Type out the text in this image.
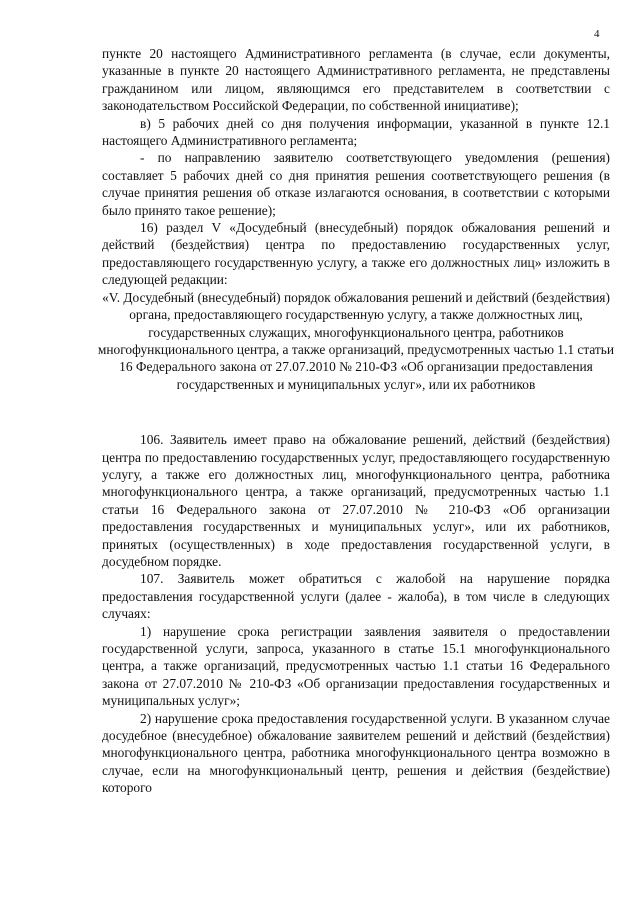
4

пункте 20 настоящего Административного регламента (в случае, если документы, указанные в пункте 20 настоящего Административного регламента, не представлены гражданином или лицом, являющимся его представителем в соответствии с законодательством Российской Федерации, по собственной инициативе);

в) 5 рабочих дней со дня получения информации, указанной в пункте 12.1 настоящего Административного регламента;

- по направлению заявителю соответствующего уведомления (решения) составляет 5 рабочих дней со дня принятия решения соответствующего решения (в случае принятия решения об отказе излагаются основания, в соответствии с которыми было принято такое решение);

16) раздел V «Досудебный (внесудебный) порядок обжалования решений и действий (бездействия) центра по предоставлению государственных услуг, предоставляющего государственную услугу, а также его должностных лиц» изложить в следующей редакции:

«V. Досудебный (внесудебный) порядок обжалования решений и действий (бездействия) органа, предоставляющего государственную услугу, а также должностных лиц, государственных служащих, многофункционального центра, работников многофункционального центра, а также организаций, предусмотренных частью 1.1 статьи 16 Федерального закона от 27.07.2010 № 210-ФЗ «Об организации предоставления государственных и муниципальных услуг», или их работников

106. Заявитель имеет право на обжалование решений, действий (бездействия) центра по предоставлению государственных услуг, предоставляющего государственную услугу, а также его должностных лиц, многофункционального центра, работника многофункционального центра, а также организаций, предусмотренных частью 1.1 статьи 16 Федерального закона от 27.07.2010 № 210-ФЗ «Об организации предоставления государственных и муниципальных услуг», или их работников, принятых (осуществленных) в ходе предоставления государственной услуги, в досудебном порядке.

107. Заявитель может обратиться с жалобой на нарушение порядка предоставления государственной услуги (далее - жалоба), в том числе в следующих случаях:

1) нарушение срока регистрации заявления заявителя о предоставлении государственной услуги, запроса, указанного в статье 15.1 многофункционального центра, а также организаций, предусмотренных частью 1.1 статьи 16 Федерального закона от 27.07.2010 № 210-ФЗ «Об организации предоставления государственных и муниципальных услуг»;

2) нарушение срока предоставления государственной услуги. В указанном случае досудебное (внесудебное) обжалование заявителем решений и действий (бездействия) многофункционального центра, работника многофункционального центра возможно в случае, если на многофункциональный центр, решения и действия (бездействие) которого
